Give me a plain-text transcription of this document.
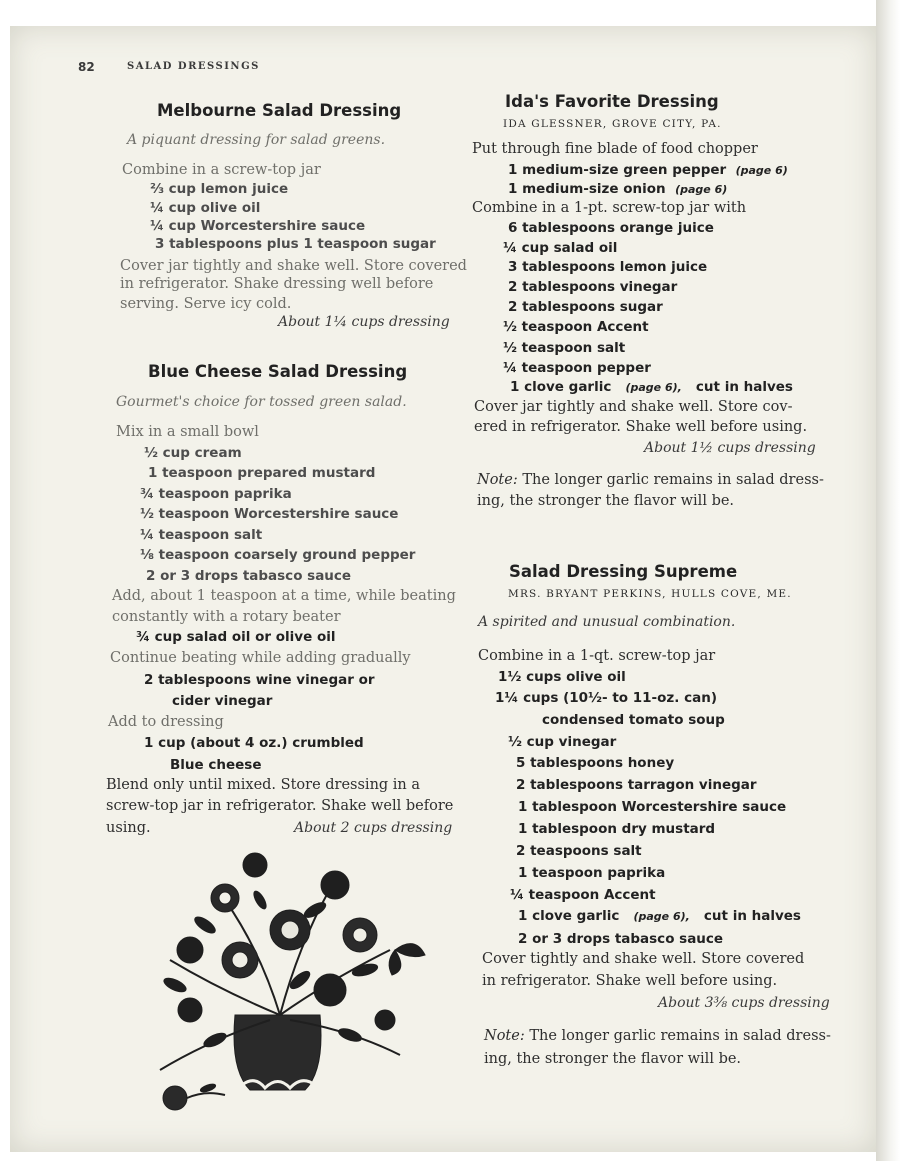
82	SALAD DRESSINGS
Melbourne Salad Dressing
A piquant dressing for salad greens.
Combine in a screw-top jar
⅔ cup lemon juice
¼ cup olive oil
¼ cup Worcestershire sauce
3 tablespoons plus 1 teaspoon sugar
Cover jar tightly and shake well. Store covered
in refrigerator. Shake dressing well before
serving. Serve icy cold.
About 1¼ cups dressing
Blue Cheese Salad Dressing
Gourmet's choice for tossed green salad.
Mix in a small bowl
½ cup cream
1 teaspoon prepared mustard
¾ teaspoon paprika
½ teaspoon Worcestershire sauce
¼ teaspoon salt
⅛ teaspoon coarsely ground pepper
2 or 3 drops tabasco sauce
Add, about 1 teaspoon at a time, while beating
constantly with a rotary beater
¾ cup salad oil or olive oil
Continue beating while adding gradually
2 tablespoons wine vinegar or
cider vinegar
Add to dressing
1 cup (about 4 oz.) crumbled
Blue cheese
Blend only until mixed. Store dressing in a
screw-top jar in refrigerator. Shake well before
using.	About 2 cups dressing
Ida's Favorite Dressing
IDA GLESSNER, GROVE CITY, PA.
Put through fine blade of food chopper
1 medium-size green pepper (page 6)
1 medium-size onion (page 6)
Combine in a 1-pt. screw-top jar with
6 tablespoons orange juice
¼ cup salad oil
3 tablespoons lemon juice
2 tablespoons vinegar
2 tablespoons sugar
½ teaspoon Accent
½ teaspoon salt
¼ teaspoon pepper
1 clove garlic (page 6), cut in halves
Cover jar tightly and shake well. Store cov-
ered in refrigerator. Shake well before using.
About 1½ cups dressing
Note: The longer garlic remains in salad dress-
ing, the stronger the flavor will be.
Salad Dressing Supreme
MRS. BRYANT PERKINS, HULLS COVE, ME.
A spirited and unusual combination.
Combine in a 1-qt. screw-top jar
1½ cups olive oil
1¼ cups (10½- to 11-oz. can)
condensed tomato soup
½ cup vinegar
5 tablespoons honey
2 tablespoons tarragon vinegar
1 tablespoon Worcestershire sauce
1 tablespoon dry mustard
2 teaspoons salt
1 teaspoon paprika
¼ teaspoon Accent
1 clove garlic (page 6), cut in halves
2 or 3 drops tabasco sauce
Cover tightly and shake well. Store covered
in refrigerator. Shake well before using.
About 3⅜ cups dressing
Note: The longer garlic remains in salad dress-
ing, the stronger the flavor will be.
